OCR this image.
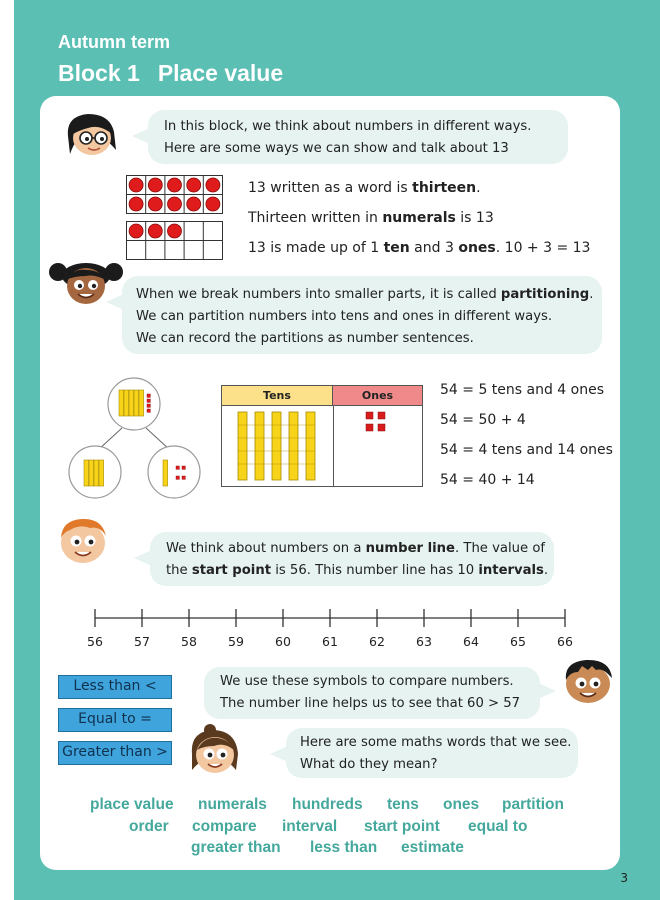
Autumn term
Block 1 Place value
In this block, we think about numbers in different ways.
Here are some ways we can show and talk about 13
13 written as a word is thirteen.
Thirteen written in numerals is 13
13 is made up of 1 ten and 3 ones. 10 + 3 = 13
When we break numbers into smaller parts, it is called partitioning.
We can partition numbers into tens and ones in different ways.
We can record the partitions as number sentences.
Tens	Ones	54 = 5 tens and 4 ones
54 = 50 + 4
54 = 4 tens and 14 ones
54 = 40 + 14
We think about numbers on a number line. The value of
the start point is 56. This number line has 10 intervals.
56	57	58	59	60	61	62	63	64	65	66
Less than <
Equal to =
Greater than >
We use these symbols to compare numbers.
The number line helps us to see that 60 > 57
Here are some maths words that we see.
What do they mean?
place value numerals hundreds tens ones partition
order compare interval start point equal to
greater than less than estimate
3
